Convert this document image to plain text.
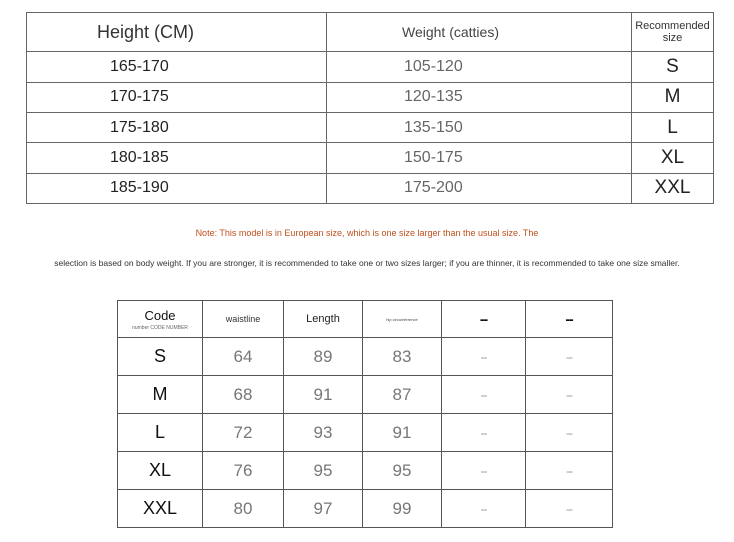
Height (CM)	Weight (catties)	Recommended size
165-170	105-120	S
170-175	120-135	M
175-180	135-150	L
180-185	150-175	XL
185-190	175-200	XXL
Note: This model is in European size, which is one size larger than the usual size. The
selection is based on body weight. If you are stronger, it is recommended to take one or two sizes larger; if you are thinner, it is recommended to take one size smaller.
Code
number CODE NUMBER	waistline	Length	hip circumference	--	--
S	64	89	83	--	--
M	68	91	87	--	--
L	72	93	91	--	--
XL	76	95	95	--	--
XXL	80	97	99	--	--
